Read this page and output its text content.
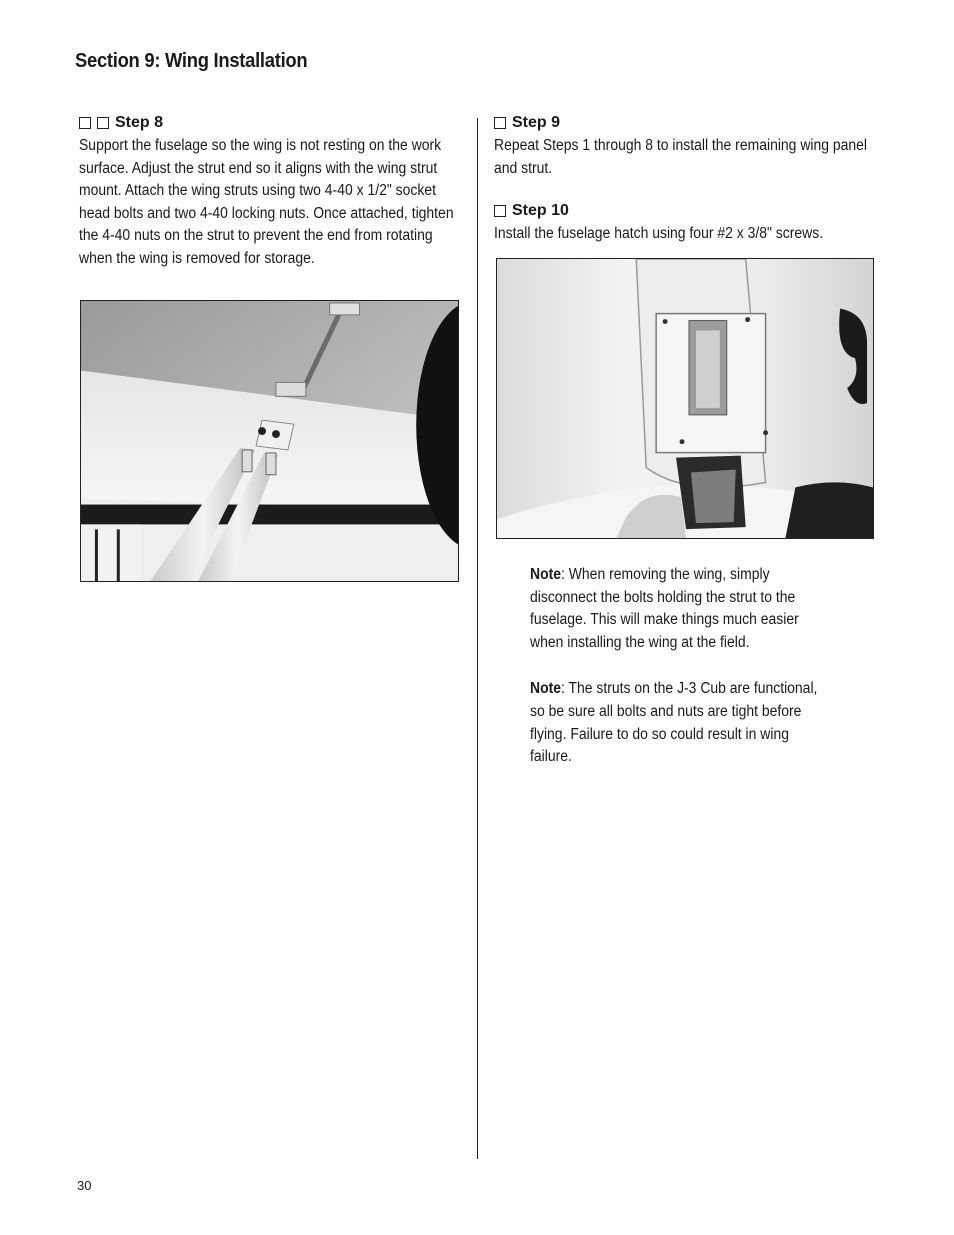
Section 9: Wing Installation
Step 8

Support the fuselage so the wing is not resting on the work surface. Adjust the strut end so it aligns with the wing strut mount. Attach the wing struts using two 4-40 x 1/2" socket head bolts and two 4-40 locking nuts. Once attached, tighten the 4-40 nuts on the strut to prevent the end from rotating when the wing is removed for storage.

Step 9

Repeat Steps 1 through 8 to install the remaining wing panel and strut.

Step 10

Install the fuselage hatch using four #2 x 3/8" screws.

Note: When removing the wing, simply disconnect the bolts holding the strut to the fuselage. This will make things much easier when installing the wing at the field.

Note: The struts on the J-3 Cub are functional, so be sure all bolts and nuts are tight before flying. Failure to do so could result in wing failure.

30
